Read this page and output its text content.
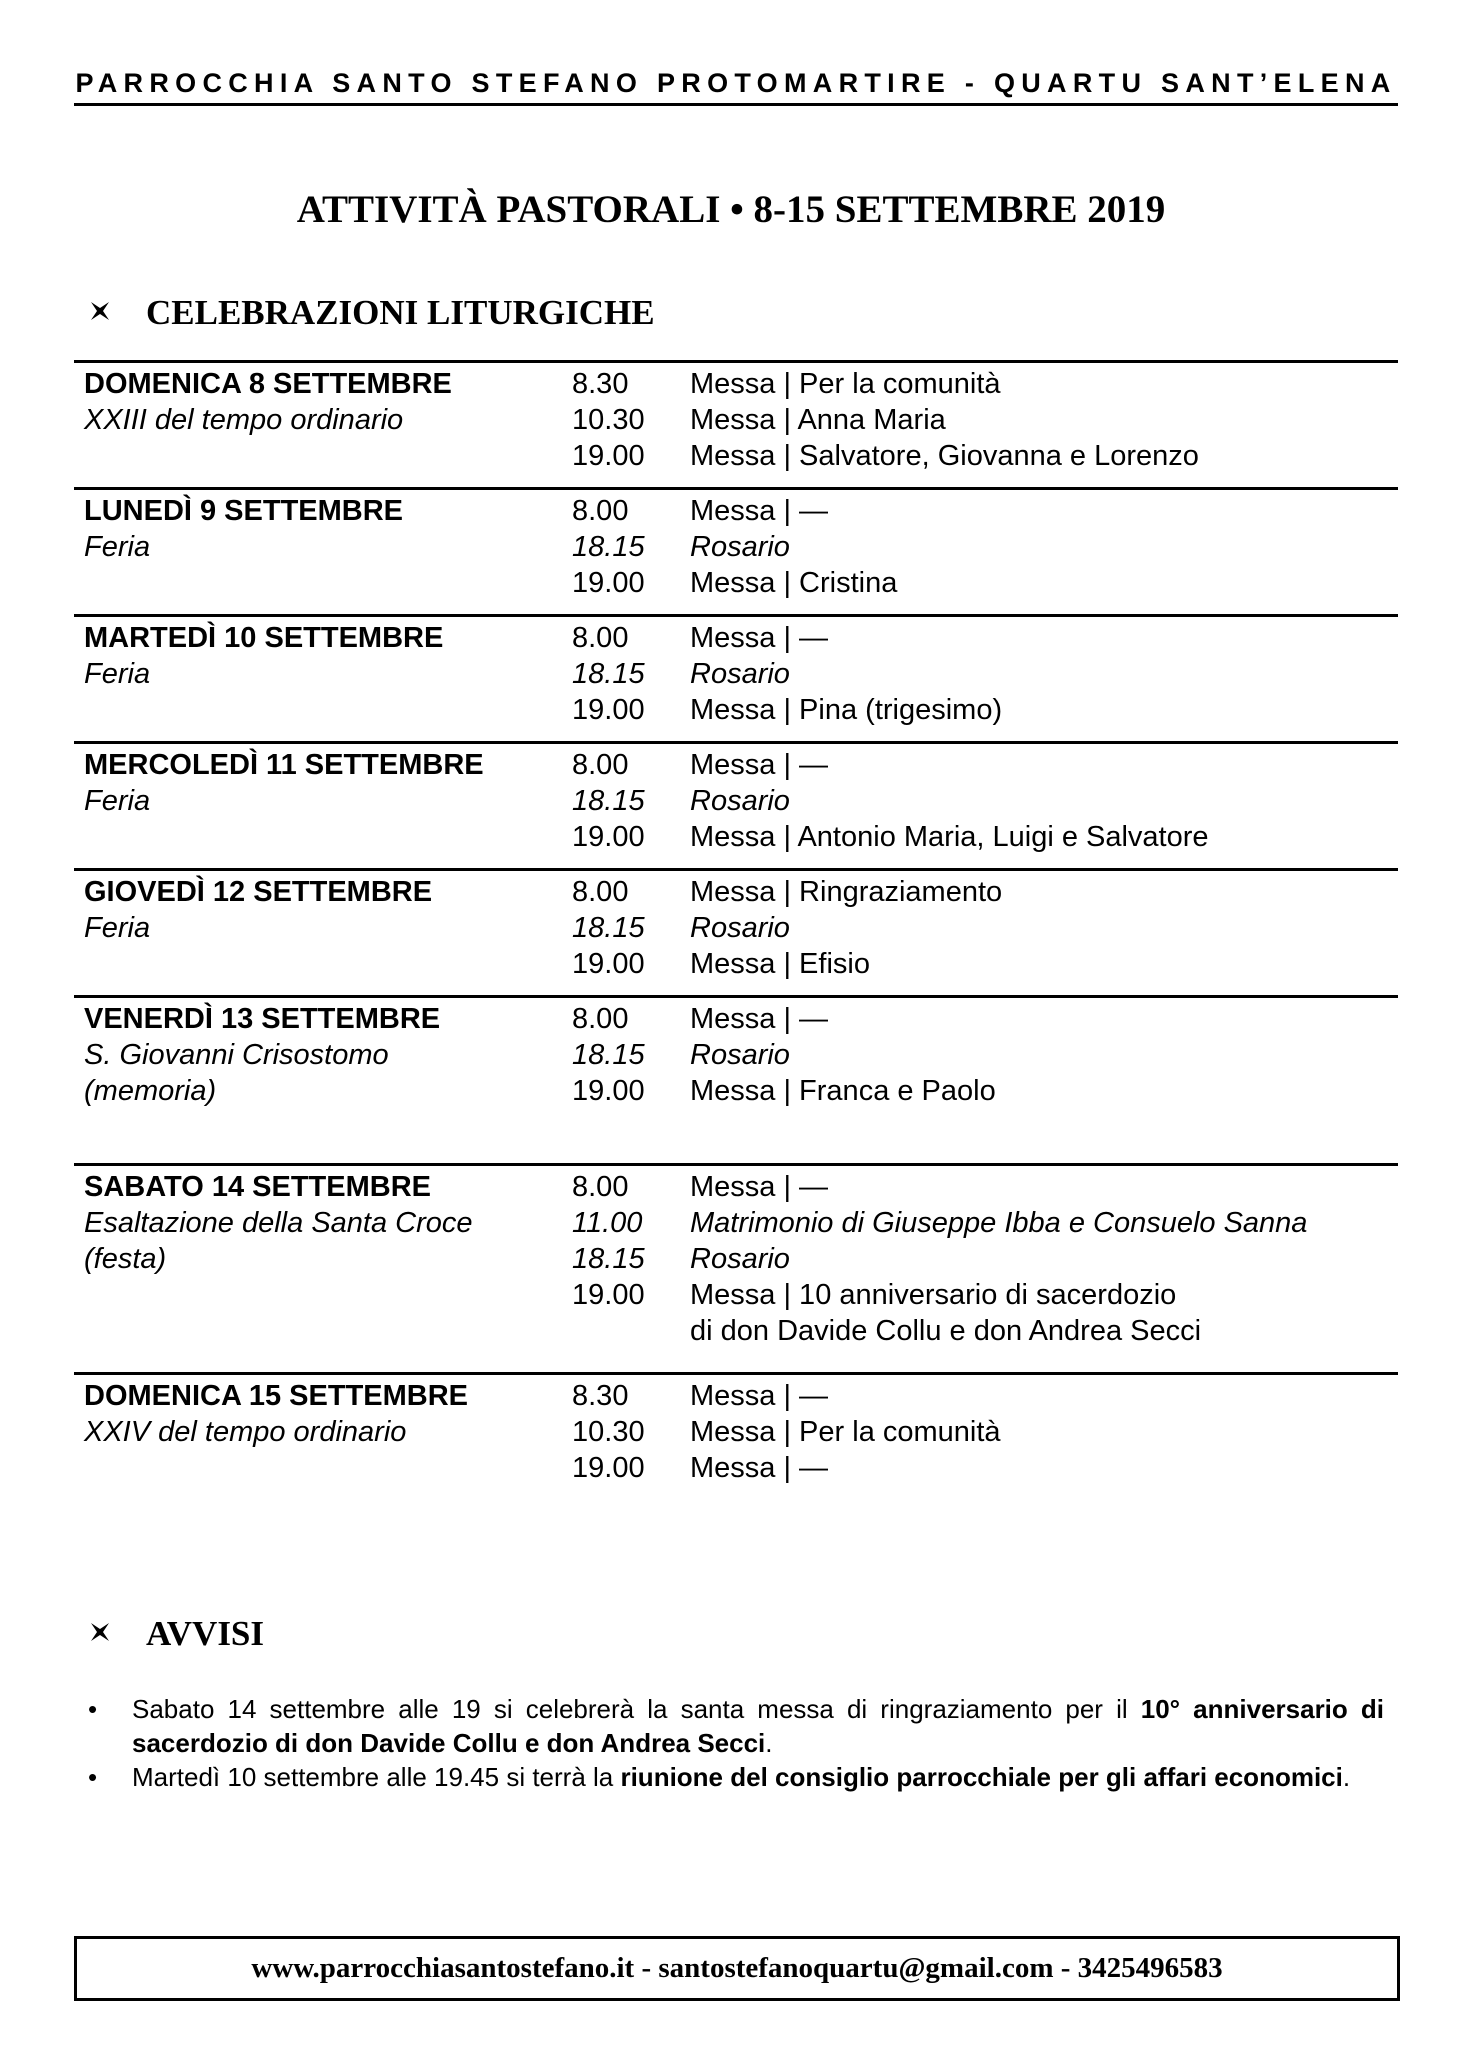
PARROCCHIA SANTO STEFANO PROTOMARTIRE - QUARTU SANT’ELENA
ATTIVITÀ PASTORALI • 8-15 SETTEMBRE 2019
CELEBRAZIONI LITURGICHE
DOMENICA 8 SETTEMBRE
XXIII del tempo ordinario
8.30	Messa | Per la comunità
10.30	Messa | Anna Maria
19.00	Messa | Salvatore, Giovanna e Lorenzo
LUNEDÌ 9 SETTEMBRE
Feria
8.00	Messa | —
18.15	Rosario
19.00	Messa | Cristina
MARTEDÌ 10 SETTEMBRE
Feria
8.00	Messa | —
18.15	Rosario
19.00	Messa | Pina (trigesimo)
MERCOLEDÌ 11 SETTEMBRE
Feria
8.00	Messa | —
18.15	Rosario
19.00	Messa | Antonio Maria, Luigi e Salvatore
GIOVEDÌ 12 SETTEMBRE
Feria
8.00	Messa | Ringraziamento
18.15	Rosario
19.00	Messa | Efisio
VENERDÌ 13 SETTEMBRE
S. Giovanni Crisostomo
(memoria)
8.00	Messa | —
18.15	Rosario
19.00	Messa | Franca e Paolo
SABATO 14 SETTEMBRE
Esaltazione della Santa Croce
(festa)
8.00	Messa | —
11.00	Matrimonio di Giuseppe Ibba e Consuelo Sanna
18.15	Rosario
19.00	Messa | 10 anniversario di sacerdozio
di don Davide Collu e don Andrea Secci
DOMENICA 15 SETTEMBRE
XXIV del tempo ordinario
8.30	Messa | —
10.30	Messa | Per la comunità
19.00	Messa | —
AVVISI
• Sabato 14 settembre alle 19 si celebrerà la santa messa di ringraziamento per il 10° anniversario di sacerdozio di don Davide Collu e don Andrea Secci.
• Martedì 10 settembre alle 19.45 si terrà la riunione del consiglio parrocchiale per gli affari economici.
www.parrocchiasantostefano.it - santostefanoquartu@gmail.com - 3425496583
